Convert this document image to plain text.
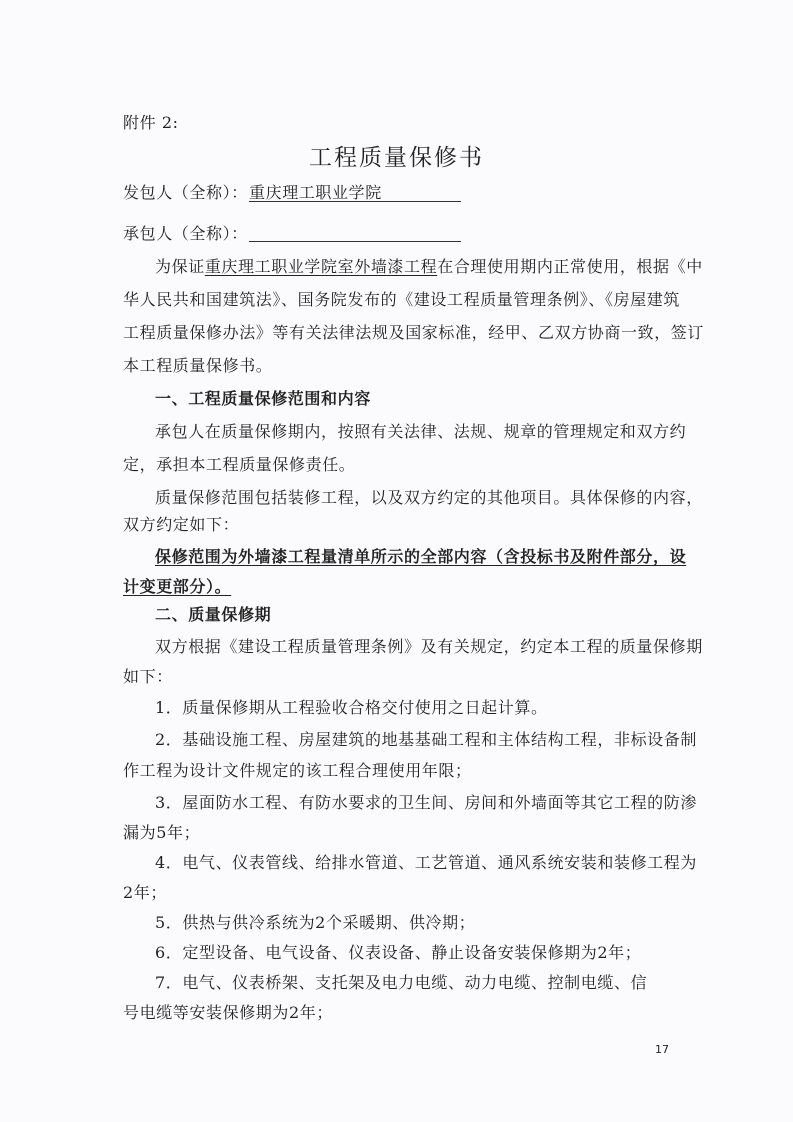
附件 2:
工程质量保修书
发包人（全称）： 重庆理工职业学院
承包人（全称）：
为保证重庆理工职业学院室外墙漆工程在合理使用期内正常使用，根据《中
华人民共和国建筑法》、国务院发布的《建设工程质量管理条例》、《房屋建筑
工程质量保修办法》等有关法律法规及国家标准，经甲、乙双方协商一致，签订
本工程质量保修书。
一、工程质量保修范围和内容
承包人在质量保修期内，按照有关法律、法规、规章的管理规定和双方约
定，承担本工程质量保修责任。
质量保修范围包括装修工程，以及双方约定的其他项目。具体保修的内容，
双方约定如下：
保修范围为外墙漆工程量清单所示的全部内容（含投标书及附件部分，设
计变更部分）。
二、质量保修期
双方根据《建设工程质量管理条例》及有关规定，约定本工程的质量保修期
如下：
1．质量保修期从工程验收合格交付使用之日起计算。
2．基础设施工程、房屋建筑的地基基础工程和主体结构工程，非标设备制
作工程为设计文件规定的该工程合理使用年限；
3．屋面防水工程、有防水要求的卫生间、房间和外墙面等其它工程的防渗
漏为5年；
4．电气、仪表管线、给排水管道、工艺管道、通风系统安装和装修工程为
2年；
5．供热与供冷系统为2个采暖期、供冷期；
6．定型设备、电气设备、仪表设备、静止设备安装保修期为2年；
7．电气、仪表桥架、支托架及电力电缆、动力电缆、控制电缆、信
号电缆等安装保修期为2年；
17
